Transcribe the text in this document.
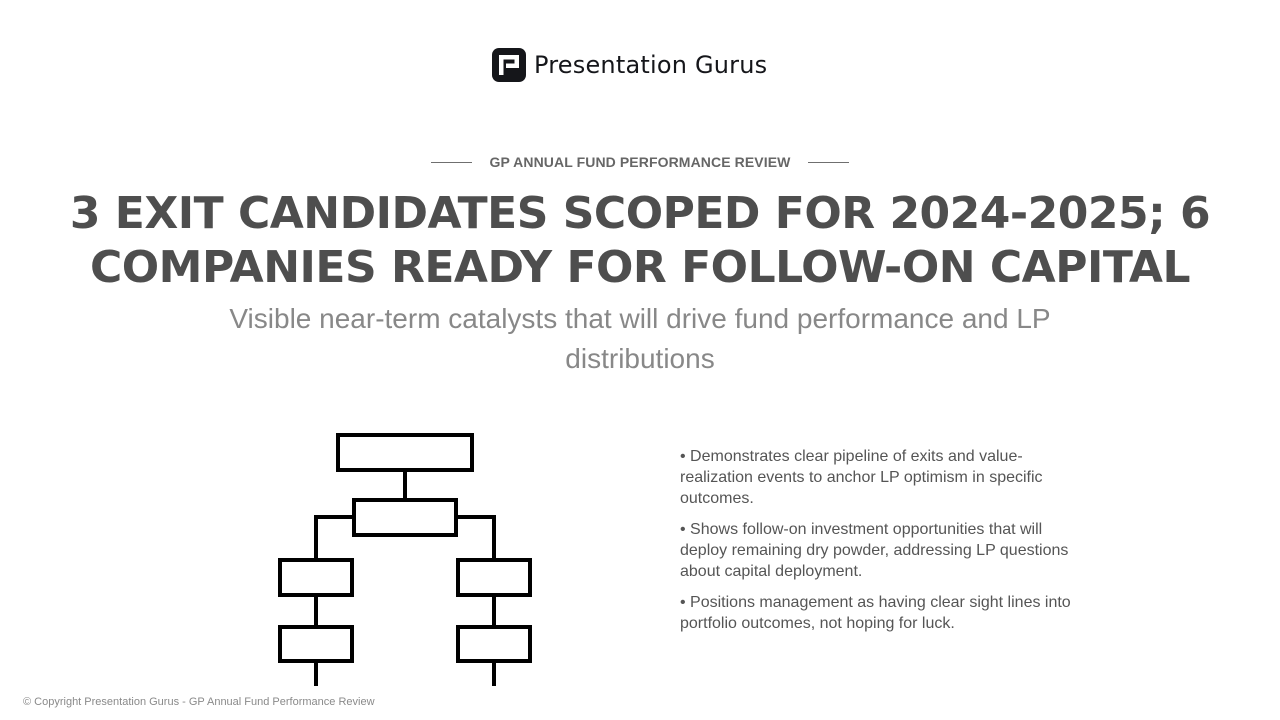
Presentation Gurus
GP ANNUAL FUND PERFORMANCE REVIEW
3 EXIT CANDIDATES SCOPED FOR 2024-2025; 6 COMPANIES READY FOR FOLLOW-ON CAPITAL

Visible near-term catalysts that will drive fund performance and LP distributions

• Demonstrates clear pipeline of exits and value-realization events to anchor LP optimism in specific outcomes.
• Shows follow-on investment opportunities that will deploy remaining dry powder, addressing LP questions about capital deployment.
• Positions management as having clear sight lines into portfolio outcomes, not hoping for luck.
© Copyright Presentation Gurus - GP Annual Fund Performance Review
